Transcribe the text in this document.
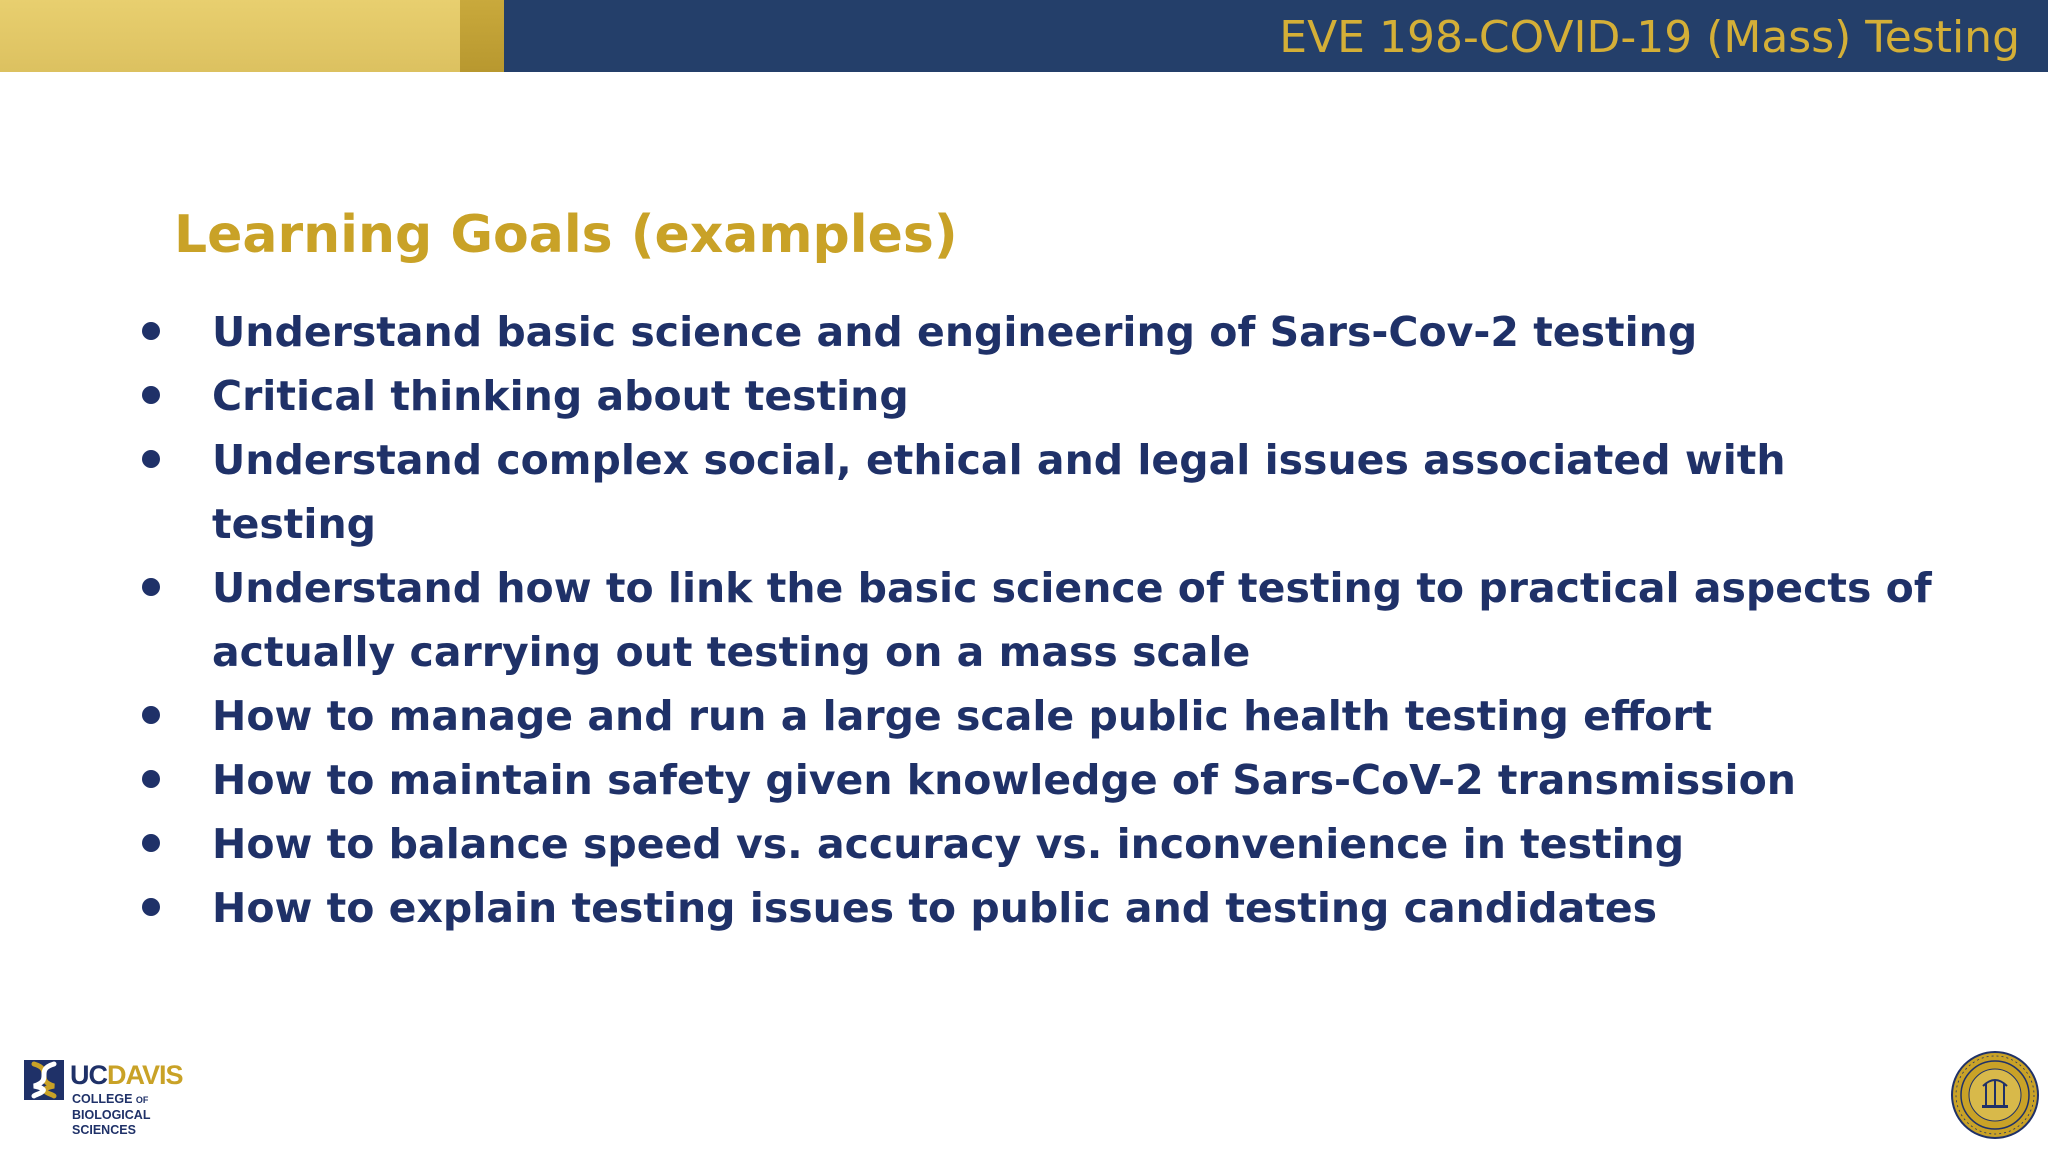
EVE 198-COVID-19 (Mass) Testing
Learning Goals (examples)
Understand basic science and engineering of Sars-Cov-2 testing
Critical thinking about testing
Understand complex social, ethical and legal issues associated with testing
Understand how to link the basic science of testing to practical aspects of actually carrying out testing on a mass scale
How to manage and run a large scale public health testing effort
How to maintain safety given knowledge of Sars-CoV-2 transmission
How to balance speed vs. accuracy vs. inconvenience in testing
How to explain testing issues to public and testing candidates
UCDAVIS
COLLEGE OF
BIOLOGICAL
SCIENCES
